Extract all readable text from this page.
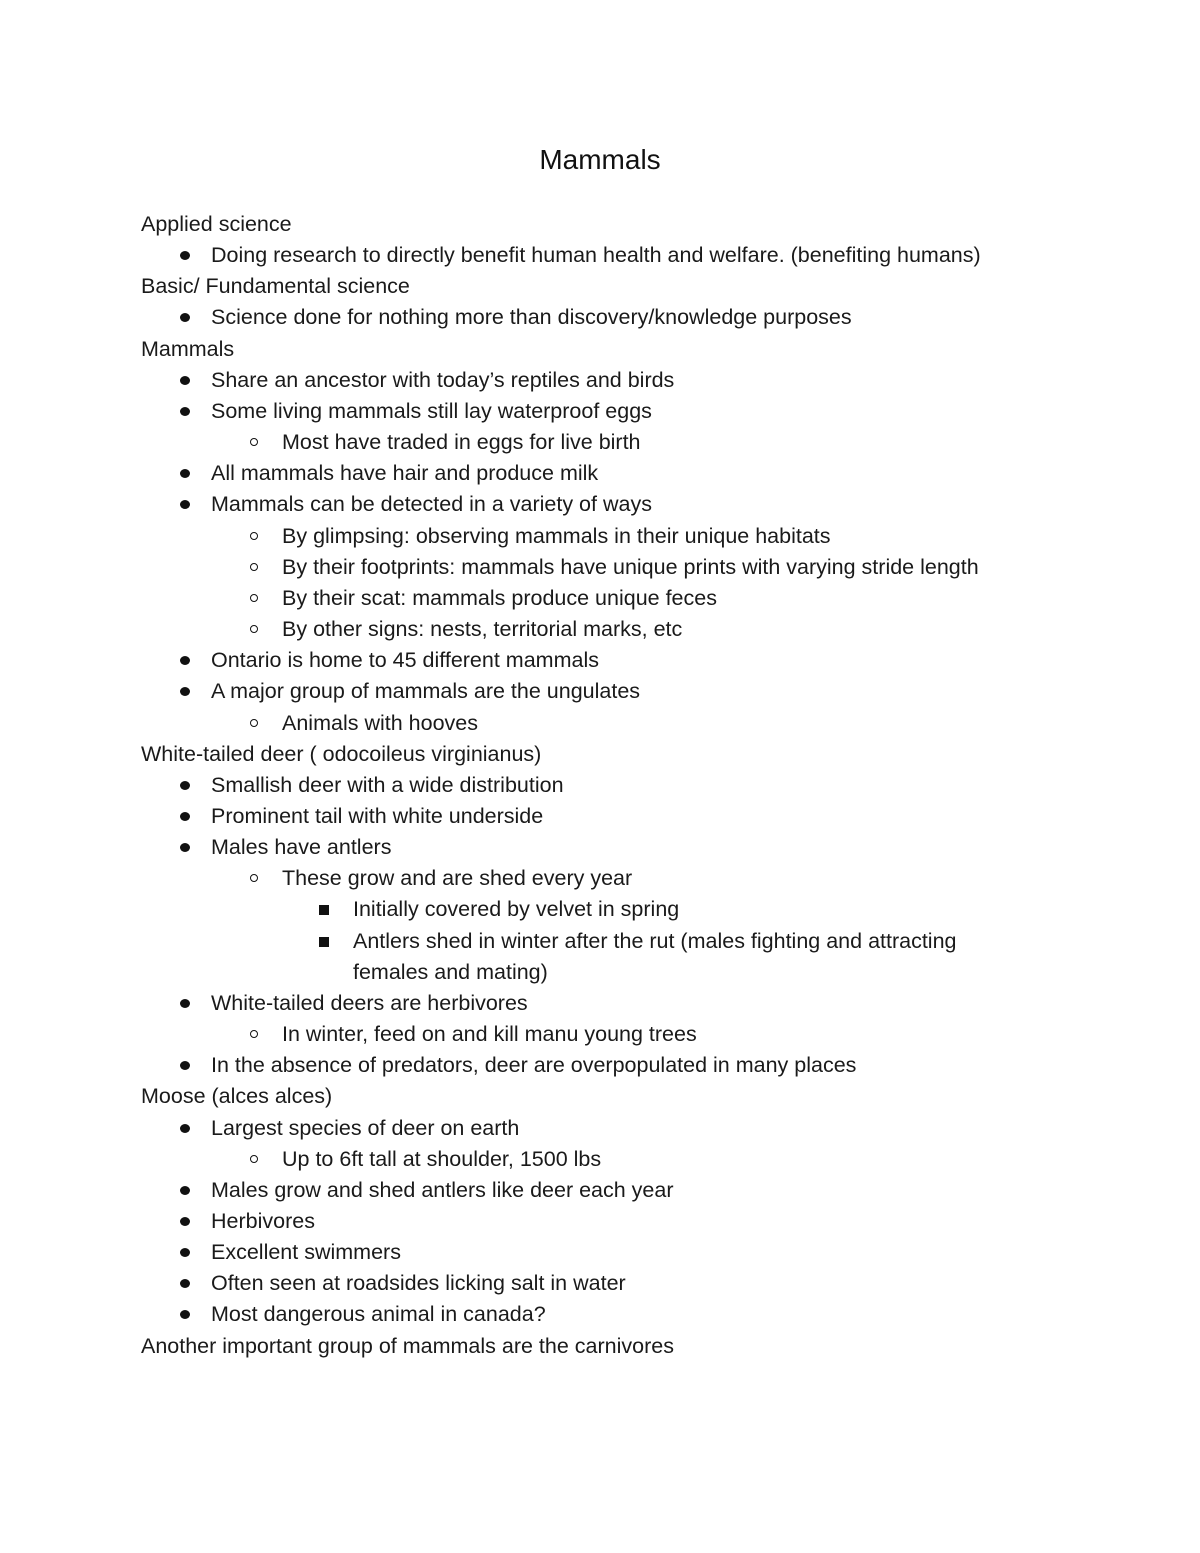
Mammals
Applied science
Doing research to directly benefit human health and welfare. (benefiting humans)
Basic/ Fundamental science
Science done for nothing more than discovery/knowledge purposes
Mammals
Share an ancestor with today’s reptiles and birds
Some living mammals still lay waterproof eggs
Most have traded in eggs for live birth
All mammals have hair and produce milk
Mammals can be detected in a variety of ways
By glimpsing: observing mammals in their unique habitats
By their footprints: mammals have unique prints with varying stride length
By their scat: mammals produce unique feces
By other signs: nests, territorial marks, etc
Ontario is home to 45 different mammals
A major group of mammals are the ungulates
Animals with hooves
White-tailed deer ( odocoileus virginianus)
Smallish deer with a wide distribution
Prominent tail with white underside
Males have antlers
These grow and are shed every year
Initially covered by velvet in spring
Antlers shed in winter after the rut (males fighting and attracting
females and mating)
White-tailed deers are herbivores
In winter, feed on and kill manu young trees
In the absence of predators, deer are overpopulated in many places
Moose (alces alces)
Largest species of deer on earth
Up to 6ft tall at shoulder, 1500 lbs
Males grow and shed antlers like deer each year
Herbivores
Excellent swimmers
Often seen at roadsides licking salt in water
Most dangerous animal in canada?
Another important group of mammals are the carnivores
